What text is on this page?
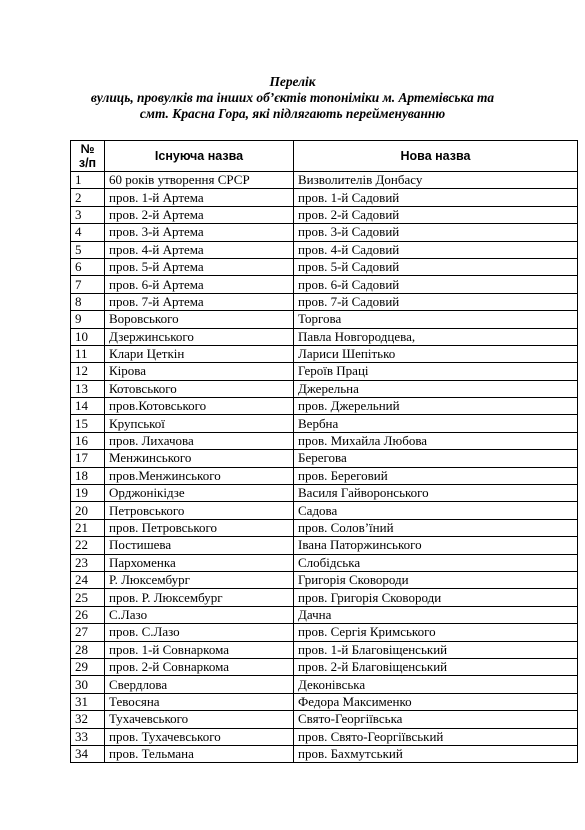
Перелік
вулиць, провулків та інших об’єктів топоніміки м. Артемівська та
смт. Красна Гора, які підлягають перейменуванню
№
з/п	Існуюча назва	Нова назва
1	60 років утворення СРСР	Визволителів Донбасу
2	пров. 1-й Артема	пров. 1-й Садовий
3	пров. 2-й Артема	пров. 2-й Садовий
4	пров. 3-й Артема	пров. 3-й Садовий
5	пров. 4-й Артема	пров. 4-й Садовий
6	пров. 5-й Артема	пров. 5-й Садовий
7	пров. 6-й Артема	пров. 6-й Садовий
8	пров. 7-й Артема	пров. 7-й Садовий
9	Воровського	Торгова
10	Дзержинського	Павла Новгородцева,
11	Клари Цеткін	Лариси Шепітько
12	Кірова	Героїв Праці
13	Котовського	Джерельна
14	пров.Котовського	пров. Джерельний
15	Крупської	Вербна
16	пров. Лихачова	пров. Михайла Любова
17	Менжинського	Берегова
18	пров.Менжинського	пров. Береговий
19	Орджонікідзе	Василя Гайворонського
20	Петровського	Садова
21	пров. Петровського	пров. Солов’їний
22	Постишева	Івана Паторжинського
23	Пархоменка	Слобідська
24	Р. Люксембург	Григорія Сковороди
25	пров. Р. Люксембург	пров. Григорія Сковороди
26	С.Лазо	Дачна
27	пров. С.Лазо	пров. Сергія Кримського
28	пров. 1-й Совнаркома	пров. 1-й Благовіщенський
29	пров. 2-й Совнаркома	пров. 2-й Благовіщенський
30	Свердлова	Деконівська
31	Тевосяна	Федора Максименко
32	Тухачевського	Свято-Георгіївська
33	пров. Тухачевського	пров. Свято-Георгіївський
34	пров. Тельмана	пров. Бахмутський
